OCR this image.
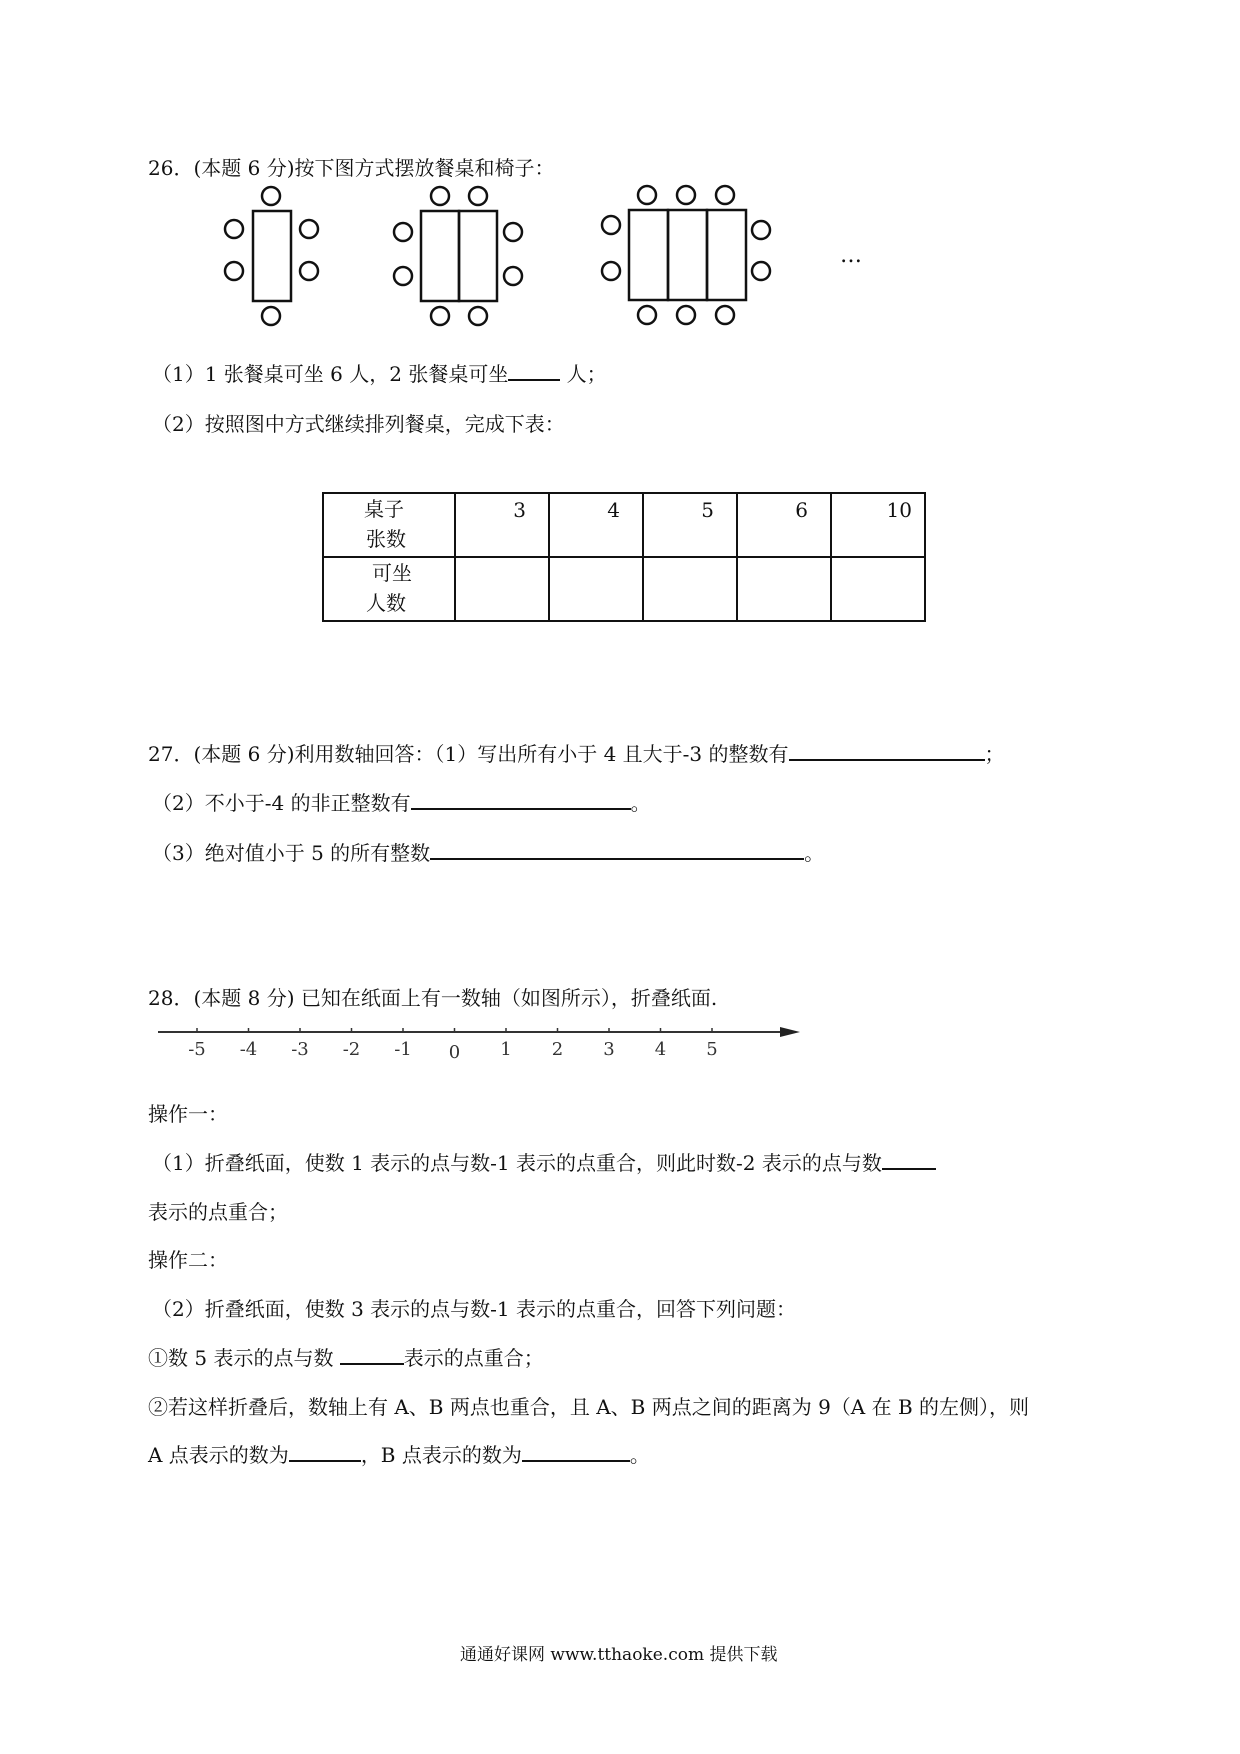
26．(本题 6 分)按下图方式摆放餐桌和椅子：
…
（1）1 张餐桌可坐 6 人，2 张餐桌可坐	人；
（2）按照图中方式继续排列餐桌，完成下表：
桌子
张数	3	4	5	6	10

可坐
人数					

27．(本题 6 分)利用数轴回答：（1）写出所有小于 4 且大于-3 的整数有	；
（2）不小于-4 的非正整数有	。
（3）绝对值小于 5 的所有整数	。
28．(本题 8 分) 已知在纸面上有一数轴（如图所示），折叠纸面.
-5 -4 -3 -2 -1 0 1 2 3 4 5
操作一：
（1）折叠纸面，使数 1 表示的点与数-1 表示的点重合，则此时数-2 表示的点与数
表示的点重合；
操作二：
（2）折叠纸面，使数 3 表示的点与数-1 表示的点重合，回答下列问题：
①数 5 表示的点与数	表示的点重合；
②若这样折叠后，数轴上有 A、B 两点也重合，且 A、B 两点之间的距离为 9（A 在 B 的左侧），则
A 点表示的数为	，B 点表示的数为	。
通通好课网 www.tthaoke.com 提供下载
